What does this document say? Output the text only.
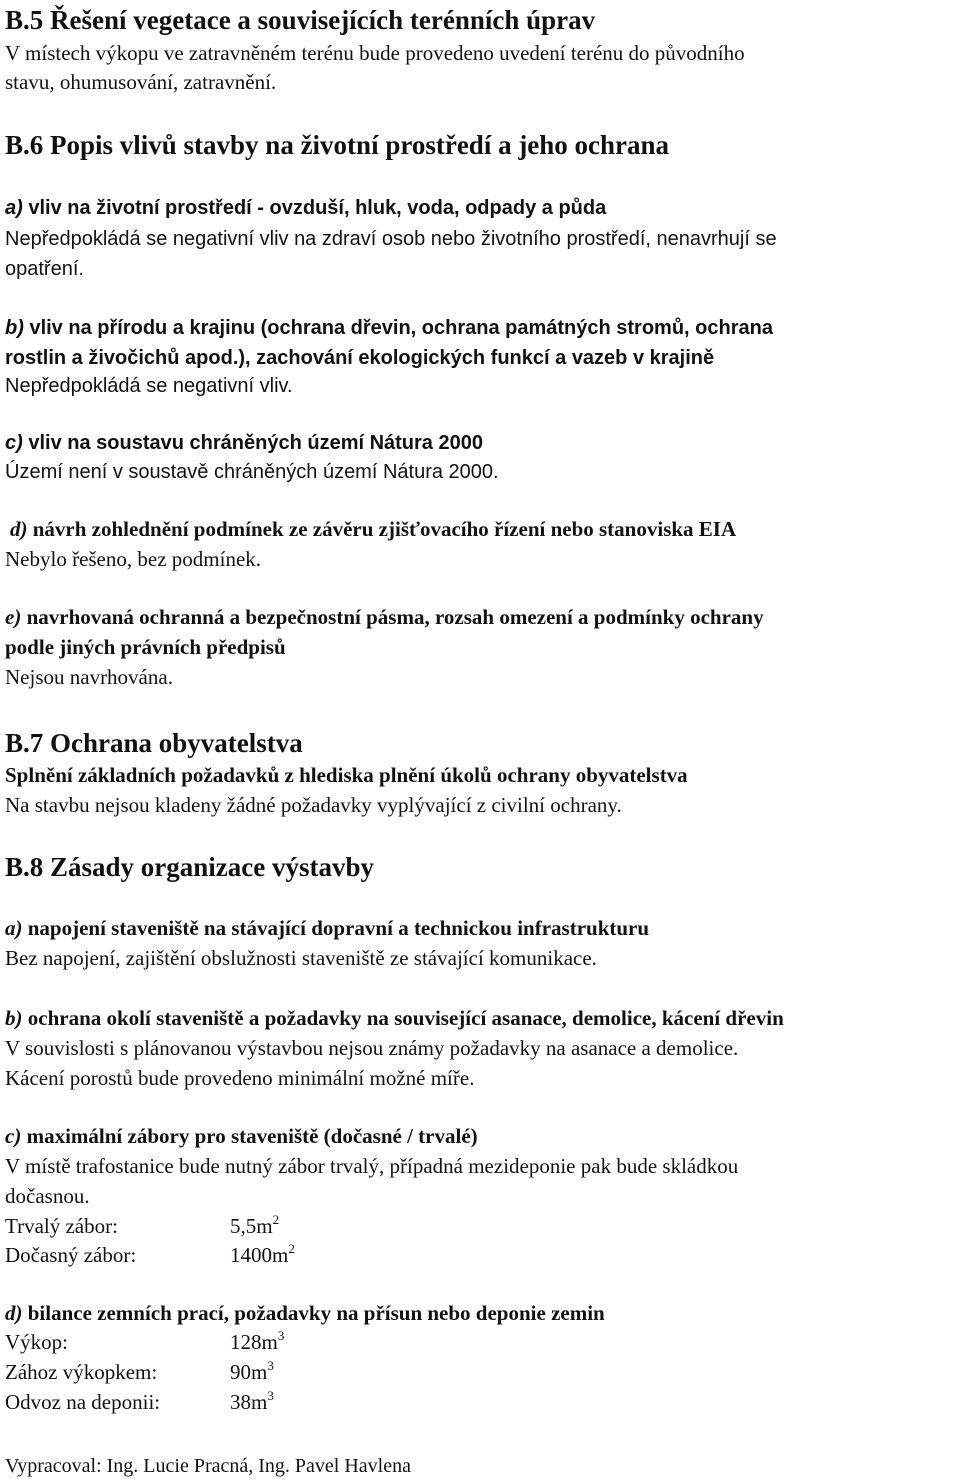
B.5 Řešení vegetace a souvisejících terénních úprav
V místech výkopu ve zatravněném terénu bude provedeno uvedení terénu do původního
stavu, ohumusování, zatravnění.
B.6 Popis vlivů stavby na životní prostředí a jeho ochrana
a) vliv na životní prostředí - ovzduší, hluk, voda, odpady a půda
Nepředpokládá se negativní vliv na zdraví osob nebo životního prostředí, nenavrhují se
opatření.
b) vliv na přírodu a krajinu (ochrana dřevin, ochrana památných stromů, ochrana
rostlin a živočichů apod.), zachování ekologických funkcí a vazeb v krajině
Nepředpokládá se negativní vliv.
c) vliv na soustavu chráněných území Nátura 2000
Území není v soustavě chráněných území Nátura 2000.
d) návrh zohlednění podmínek ze závěru zjišťovacího řízení nebo stanoviska EIA
Nebylo řešeno, bez podmínek.
e) navrhovaná ochranná a bezpečnostní pásma, rozsah omezení a podmínky ochrany
podle jiných právních předpisů
Nejsou navrhována.
B.7 Ochrana obyvatelstva
Splnění základních požadavků z hlediska plnění úkolů ochrany obyvatelstva
Na stavbu nejsou kladeny žádné požadavky vyplývající z civilní ochrany.
B.8 Zásady organizace výstavby
a) napojení staveniště na stávající dopravní a technickou infrastrukturu
Bez napojení, zajištění obslužnosti staveniště ze stávající komunikace.
b) ochrana okolí staveniště a požadavky na související asanace, demolice, kácení dřevin
V souvislosti s plánovanou výstavbou nejsou známy požadavky na asanace a demolice.
Kácení porostů bude provedeno minimální možné míře.
c) maximální zábory pro staveniště (dočasné / trvalé)
V místě trafostanice bude nutný zábor trvalý, případná mezideponie pak bude skládkou
dočasnou.
Trvalý zábor:	$5,5m^2$
Dočasný zábor:	$1400m^2$
d) bilance zemních prací, požadavky na přísun nebo deponie zemin
Výkop:	$128m^3$
Zához výkopkem:	$90m^3$
Odvoz na deponii:	$38m^3$
Vypracoval: Ing. Lucie Pracná, Ing. Pavel Havlena
